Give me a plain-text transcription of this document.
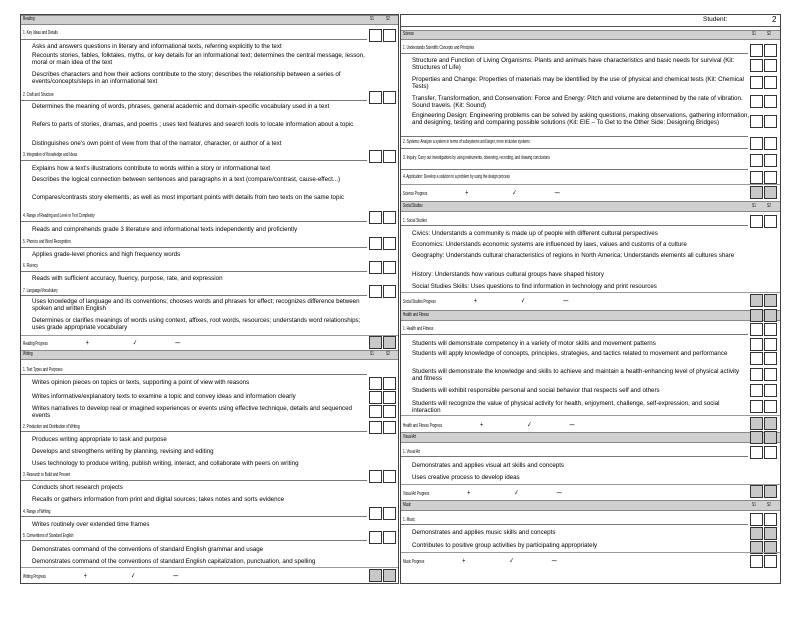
Reading	S1 S2
1. Key Ideas and Details
Asks and answers questions in literary and informational texts, referring explicitly to the text
Recounts stories, fables, folktales, myths, or key details for an informational text; determines the central message, lesson, moral or main idea of the text
Describes characters and how their actions contribute to the story; describes the relationship between a series of events/concepts/steps in an informational text
2. Craft and Structure
Determines the meaning of words, phrases, general academic and domain-specific vocabulary used in a text
Refers to parts of stories, dramas, and poems ; uses text features and search tools to locate information about a topic
Distinguishes one's own point of view from that of the narrator, character, or author of a text
3. Integration of Knowledge and Ideas
Explains how a text's illustrations contribute to words within a story or informational text
Describes the logical connection between sentences and paragraphs in a text (compare/contrast, cause-effect...)
Compares/contrasts story elements, as well as most important points with details from two texts on the same topic
4. Range of Reading and Level or Text Complexity
Reads and comprehends grade 3 literature and informational texts independently and proficiently
5. Phonics and Word Recognition
Applies grade-level phonics and high frequency words
6. Fluency
Reads with sufficient accuracy, fluency, purpose, rate, and expression
7. Language/Vocabulary
Uses knowledge of language and its conventions; chooses words and phrases for effect; recognizes difference between spoken and written English
Determines or clarifies meanings of words using context, affixes, root words, resources; understands word relationships; uses grade appropriate vocabulary
Reading Progress	+	✓	—
Writing	S1 S2
1. Text Types and Purposes
Writes opinion pieces on topics or texts, supporting a point of view with reasons
Writes informative/explanatory texts to examine a topic and convey ideas and information clearly
Writes narratives to develop real or imagined experiences or events using effective technique, details and sequenced events
2. Production and Distribution of Writing
Produces writing appropriate to task and purpose
Develops and strengthens writing by planning, revising and editing
Uses technology to produce writing, publish writing, interact, and collaborate with peers on writing
3. Research to Build and Present
Conducts short research projects
Recalls or gathers information from print and digital sources; takes notes and sorts evidence
4. Range of Writing
Writes routinely over extended time frames
5. Conventions of Standard English
Demonstrates command of the conventions of standard English grammar and usage
Demonstrates command of the conventions of standard English capitalization, punctuation, and spelling
Writing Progress	+	✓	—
Student:	2
Science	S1 S2
1. Understands Scientific Concepts and Principles
Structure and Function of Living Organisms: Plants and animals have characteristics and basic needs for survival (Kit: Structures of Life)
Properties and Change: Properties of materials may be identified by the use of physical and chemical tests (Kit: Chemical Tests)
Transfer, Transformation, and Conservation: Force and Energy: Pitch and volume are determined by the rate of vibration. Sound travels. (Kit: Sound)
Engineering Design: Engineering problems can be solved by asking questions, making observations, gathering information, and designing, testing and comparing possible solutions (Kit: EIE – To Get to the Other Side: Designing Bridges)
2. Systems: Analyze a system in terms of subsystems and larger, more inclusive systems
3. Inquiry: Carry out investigations by using instruments, observing, recording, and drawing conclusions
4. Application: Develop a solution to a problem by using the design process
Science Progress	+	✓	—
Social Studies	S1 S2
1. Social Studies
Civics: Understands a community is made up of people with different cultural perspectives
Economics: Understands economic systems are influenced by laws, values and customs of a culture
Geography: Understands cultural characteristics of regions in North America; Understands elements all cultures share
History: Understands how various cultural groups have shaped history
Social Studies Skills: Uses questions to find information in technology and print resources
Social Studies Progress	+	✓	—
Health and Fitness
1. Health and Fitness
Students will demonstrate competency in a variety of motor skills and movement patterns
Students will apply knowledge of concepts, principles, strategies, and tactics related to movement and performance
Students will demonstrate the knowledge and skills to achieve and maintain a health-enhancing level of physical activity and fitness
Students will exhibit responsible personal and social behavior that respects self and others
Students will recognize the value of physical activity for health, enjoyment, challenge, self-expression, and social interaction
Health and Fitness Progress	+	✓	—
Visual Art
1. Visual Art
Demonstrates and applies visual art skills and concepts
Uses creative process to develop ideas
Visual Art Progress	+	✓	—
Music	S1 S2
1. Music
Demonstrates and applies music skills and concepts
Contributes to positive group activities by participating appropriately
Music Progress	+	✓	—
